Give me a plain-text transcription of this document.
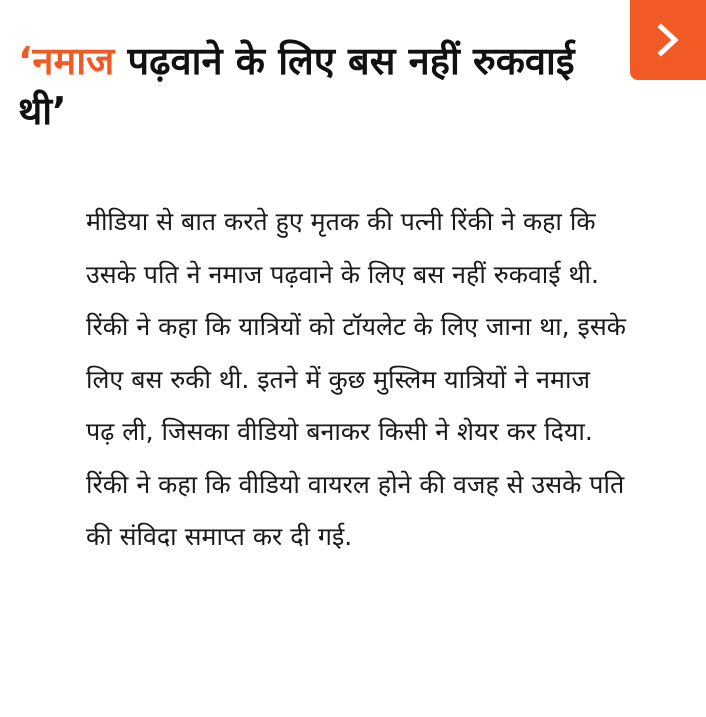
‘नमाज पढ़वाने के लिए बस नहीं रुकवाई थी’

मीडिया से बात करते हुए मृतक की पत्नी रिंकी ने कहा कि उसके पति ने नमाज पढ़वाने के लिए बस नहीं रुकवाई थी. रिंकी ने कहा कि यात्रियों को टॉयलेट के लिए जाना था, इसके लिए बस रुकी थी. इतने में कुछ मुस्लिम यात्रियों ने नमाज पढ़ ली, जिसका वीडियो बनाकर किसी ने शेयर कर दिया. रिंकी ने कहा कि वीडियो वायरल होने की वजह से उसके पति की संविदा समाप्त कर दी गई.
